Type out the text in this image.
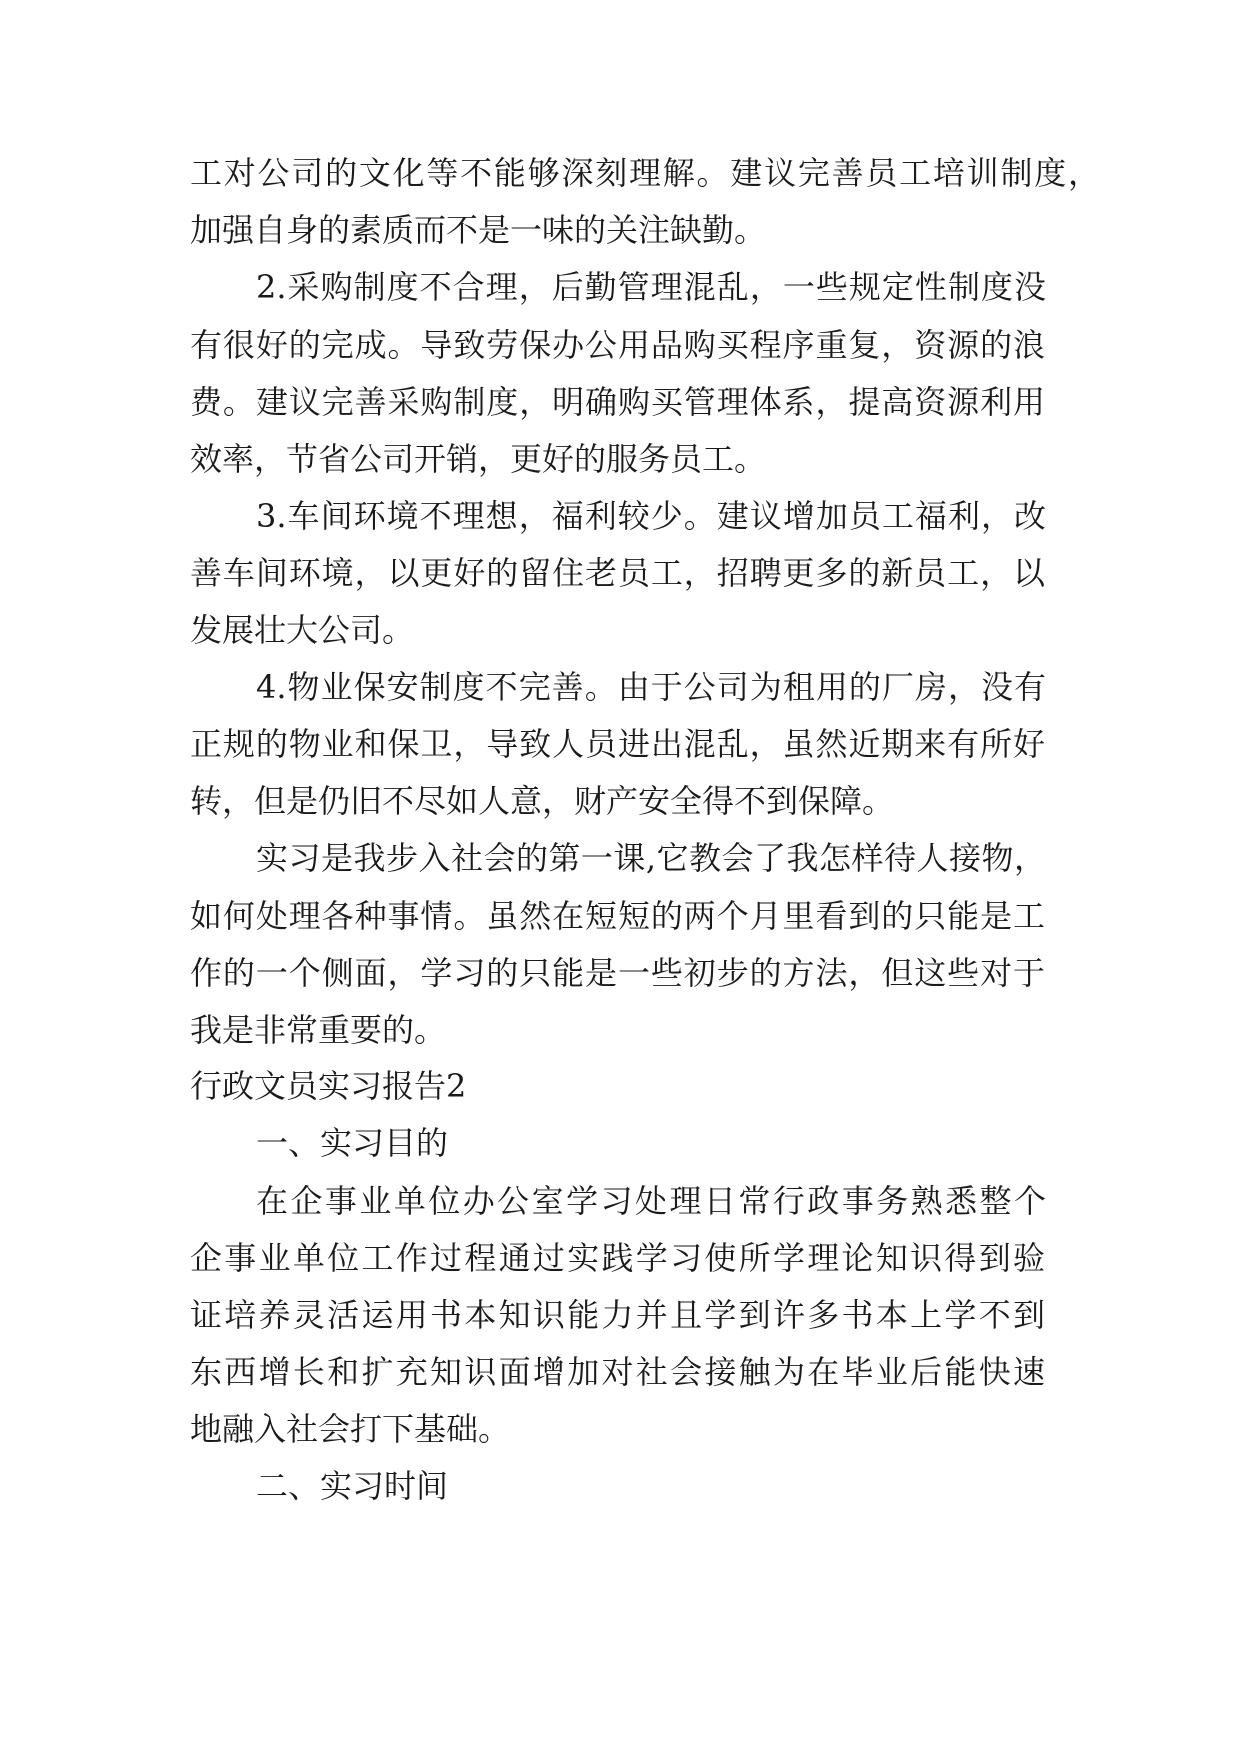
工对公司的文化等不能够深刻理解。建议完善员工培训制度，

加强自身的素质而不是一味的关注缺勤。

2.采购制度不合理，后勤管理混乱，一些规定性制度没

有很好的完成。导致劳保办公用品购买程序重复，资源的浪

费。建议完善采购制度，明确购买管理体系，提高资源利用

效率，节省公司开销，更好的服务员工。

3.车间环境不理想，福利较少。建议增加员工福利，改

善车间环境，以更好的留住老员工，招聘更多的新员工，以

发展壮大公司。

4.物业保安制度不完善。由于公司为租用的厂房，没有

正规的物业和保卫，导致人员进出混乱，虽然近期来有所好

转，但是仍旧不尽如人意，财产安全得不到保障。

实习是我步入社会的第一课,它教会了我怎样待人接物，

如何处理各种事情。虽然在短短的两个月里看到的只能是工

作的一个侧面，学习的只能是一些初步的方法，但这些对于

我是非常重要的。

行政文员实习报告2

一、实习目的

在企事业单位办公室学习处理日常行政事务熟悉整个

企事业单位工作过程通过实践学习使所学理论知识得到验

证培养灵活运用书本知识能力并且学到许多书本上学不到

东西增长和扩充知识面增加对社会接触为在毕业后能快速

地融入社会打下基础。

二、实习时间
